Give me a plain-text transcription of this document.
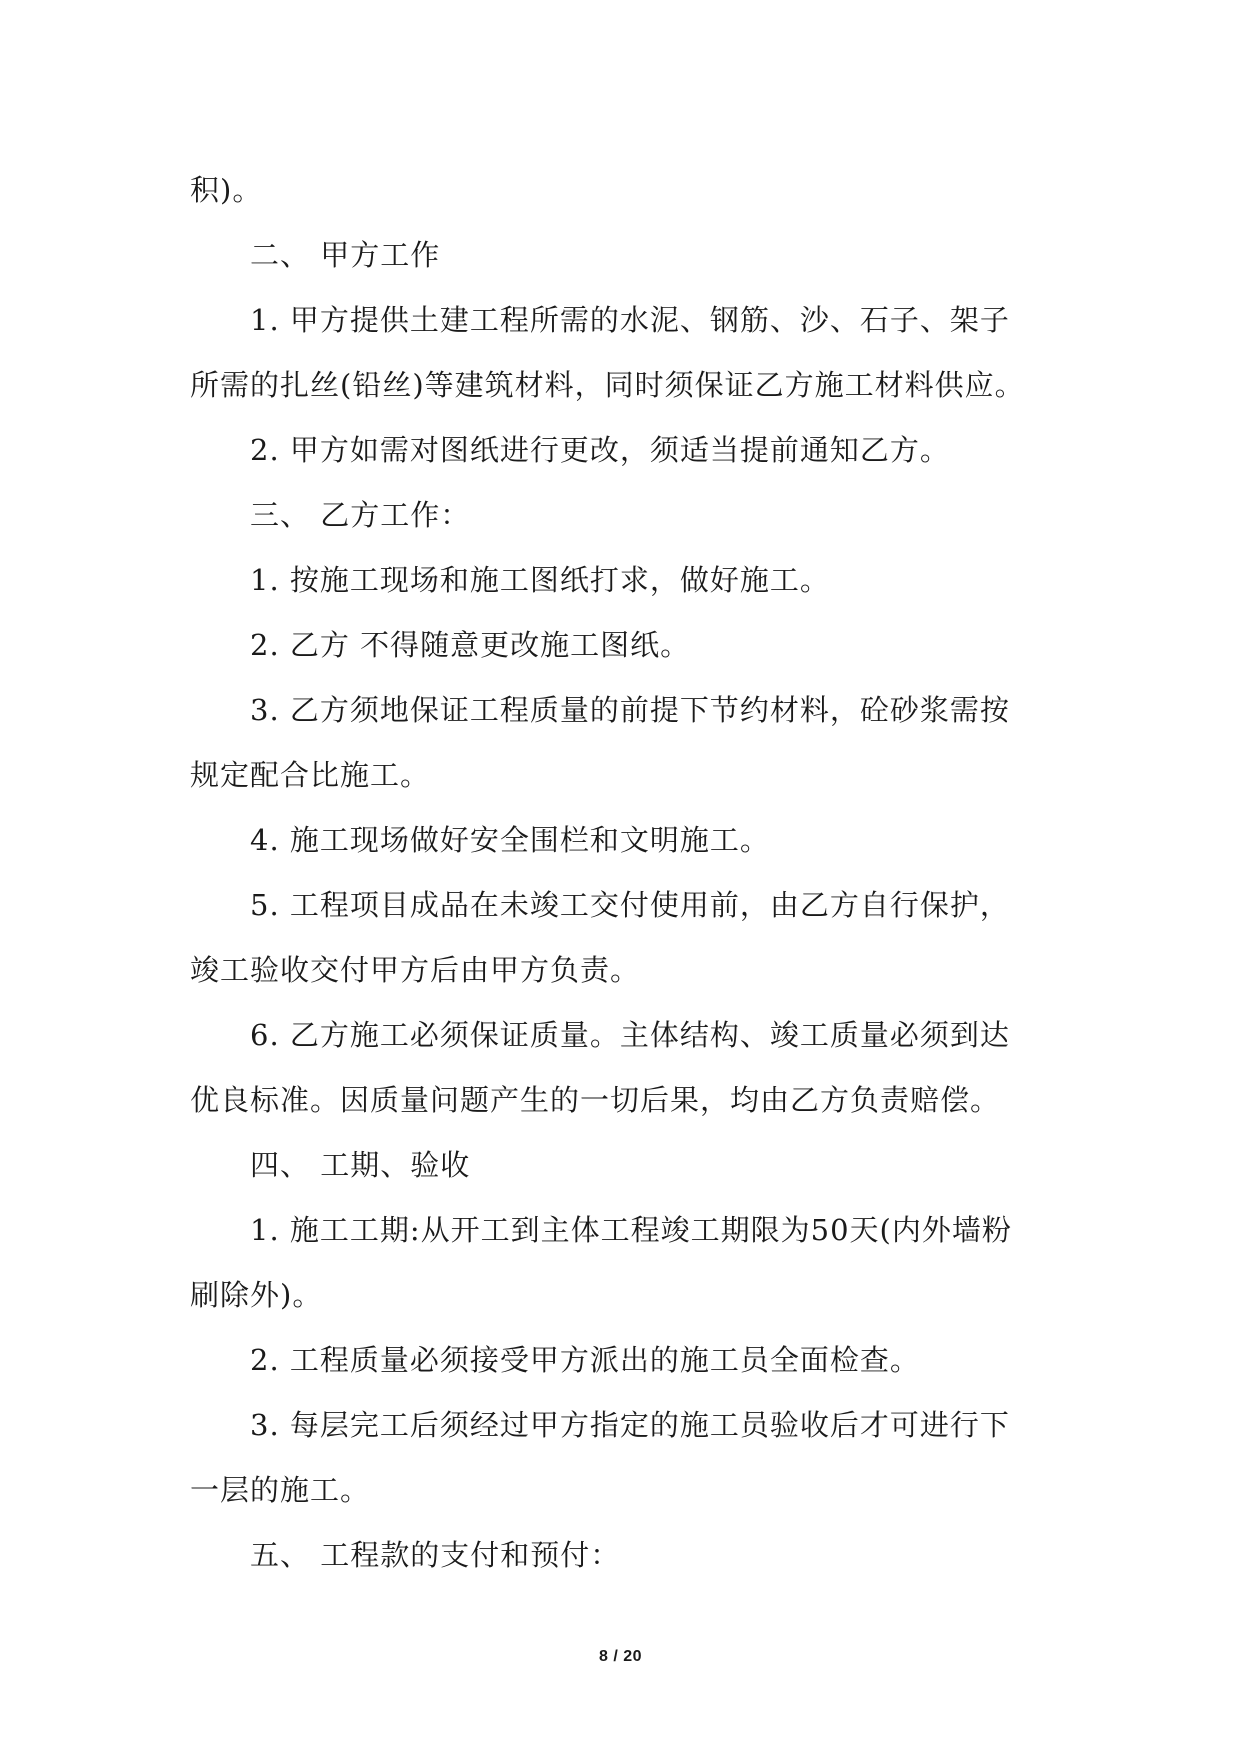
积)。
二、 甲方工作
1. 甲方提供土建工程所需的水泥、钢筋、沙、石子、架子
所需的扎丝(铅丝)等建筑材料，同时须保证乙方施工材料供应。
2. 甲方如需对图纸进行更改，须适当提前通知乙方。
三、 乙方工作：
1. 按施工现场和施工图纸打求，做好施工。
2. 乙方 不得随意更改施工图纸。
3. 乙方须地保证工程质量的前提下节约材料，砼砂浆需按
规定配合比施工。
4. 施工现场做好安全围栏和文明施工。
5. 工程项目成品在未竣工交付使用前，由乙方自行保护，
竣工验收交付甲方后由甲方负责。
6. 乙方施工必须保证质量。主体结构、竣工质量必须到达
优良标准。因质量问题产生的一切后果，均由乙方负责赔偿。
四、 工期、验收
1. 施工工期:从开工到主体工程竣工期限为50天(内外墙粉
刷除外)。
2. 工程质量必须接受甲方派出的施工员全面检查。
3. 每层完工后须经过甲方指定的施工员验收后才可进行下
一层的施工。
五、 工程款的支付和预付：
8 / 20
